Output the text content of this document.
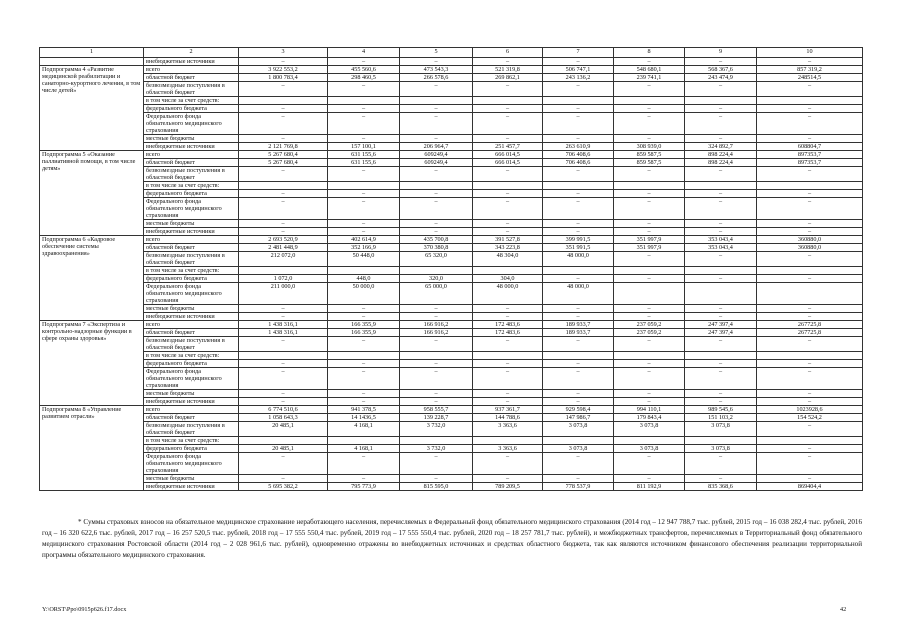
1	2	3	4	5	6	7	8	9	10
	внебюджетные источники	–	–	–	–	–	–	–	–
Подпрограмма 4 «Развитие медицинской реабилитации и санаторно-курортного лечения, в том числе детей»	всего	3 922 553,2	455 560,6	473 543,3	521 319,8	506 747,1	548 680,1	568 367,6	857 319,2
	областной бюджет	1 800 783,4	298 460,5	266 578,6	269 862,1	243 136,2	239 741,1	243 474,9	248514,5
	безвозмездные поступления в областной бюджет	–	–	–	–	–	–	–	–
	в том числе за счет средств:								
	федерального бюджета	–	–	–	–	–	–	–	–
	Федерального фонда обязательного медицинского страхования	–	–	–	–	–	–	–	–
	местные бюджеты	–	–	–	–	–	–	–	–
	внебюджетные источники	2 121 769,8	157 100,1	206 964,7	251 457,7	263 610,9	308 939,0	324 892,7	608804,7
Подпрограмма 5 «Оказание паллиативной помощи, в том числе детям»	всего	5 267 680,4	631 155,6	609249,4	666 014,5	706 408,6	859 587,5	898 224,4	897353,7
	областной бюджет	5 267 680,4	631 155,6	609249,4	666 014,5	706 408,6	859 587,5	898 224,4	897353,7
	безвозмездные поступления в областной бюджет	–	–	–	–	–	–	–	–
	в том числе за счет средств:								
	федерального бюджета	–	–	–	–	–	–	–	–
	Федерального фонда обязательного медицинского страхования	–	–	–	–	–	–	–	–
	местные бюджеты	–	–	–	–	–	–	–	–
	внебюджетные источники	–	–	–	–	–	–	–	–
Подпрограмма 6 «Кадровое обеспечение системы здравоохранения»	всего	2 693 520,9	402 614,9	435 700,8	391 527,8	399 991,5	351 997,9	353 043,4	360880,0
	областной бюджет	2 481 448,9	352 166,9	370 380,8	343 223,8	351 991,5	351 997,9	353 043,4	360880,0
	безвозмездные поступления в областной бюджет	212 072,0	50 448,0	65 320,0	48 304,0	48 000,0	–	–	–
	в том числе за счет средств:								
	федерального бюджета	1 072,0	448,0	320,0	304,0	–	–	–	–
	Федерального фонда обязательного медицинского страхования	211 000,0	50 000,0	65 000,0	48 000,0	48 000,0			
	местные бюджеты	–	–	–	–	–	–	–	–
	внебюджетные источники	–	–	–	–	–	–	–	–
Подпрограмма 7 «Экспертиза и контрольно-надзорные функции в сфере охраны здоровья»	всего	1 438 316,1	166 355,9	166 916,2	172 483,6	189 933,7	237 059,2	247 397,4	267725,8
	областной бюджет	1 438 316,1	166 355,9	166 916,2	172 483,6	189 933,7	237 059,2	247 397,4	267725,8
	безвозмездные поступления в областной бюджет	–	–	–	–	–	–	–	–
	в том числе за счет средств:								
	федерального бюджета	–	–	–	–	–	–	–	–
	Федерального фонда обязательного медицинского страхования	–	–	–	–	–	–	–	–
	местные бюджеты	–	–	–	–	–	–	–	–
	внебюджетные источники	–	–	–	–	–	–	–	–
Подпрограмма 8 «Управление развитием отрасли»	всего	6 774 510,6	941 378,5	958 555,7	937 361,7	929 598,4	994 110,1	989 545,6	1023928,6
	областной бюджет	1 058 643,3	14 1436,5	139 228,7	144 788,6	147 986,7	179 843,4	151 103,2	154 524,2
	безвозмездные поступления в областной бюджет	20 485,1	4 168,1	3 732,0	3 363,6	3 073,8	3 073,8	3 073,8	–
	в том числе за счет средств:								
	федерального бюджета	20 485,1	4 168,1	3 732,0	3 363,6	3 073,8	3 073,8	3 073,8	–
	Федерального фонда обязательного медицинского страхования	–	–	–	–	–	–	–	–
	местные бюджеты	–	–	–	–	–	–	–	–
	внебюджетные источники	5 695 382,2	795 773,9	815 595,0	789 209,5	778 537,9	811 192,9	835 368,6	869404,4
* Суммы страховых взносов на обязательное медицинское страхование неработающего населения, перечисляемых в Федеральный фонд обязательного медицинского страхования (2014 год – 12 947 788,7 тыс. рублей, 2015 год – 16 038 282,4 тыс. рублей, 2016 год – 16 320 622,6 тыс. рублей, 2017 год – 16 257 520,5 тыс. рублей, 2018 год – 17 555 550,4 тыс. рублей, 2019 год – 17 555 550,4 тыс. рублей, 2020 год – 18 257 781,7 тыс. рублей), и межбюджетных трансфертов, перечисляемых в Территориальный фонд обязательного медицинского страхования Ростовской области (2014 год – 2 028 961,6 тыс. рублей), одновременно отражены во внебюджетных источниках и средствах областного бюджета, так как являются источником финансового обеспечения реализации территориальной программы обязательного медицинского страхования.
Y:\ORST\Ppo\0915p626.f17.docx	42
